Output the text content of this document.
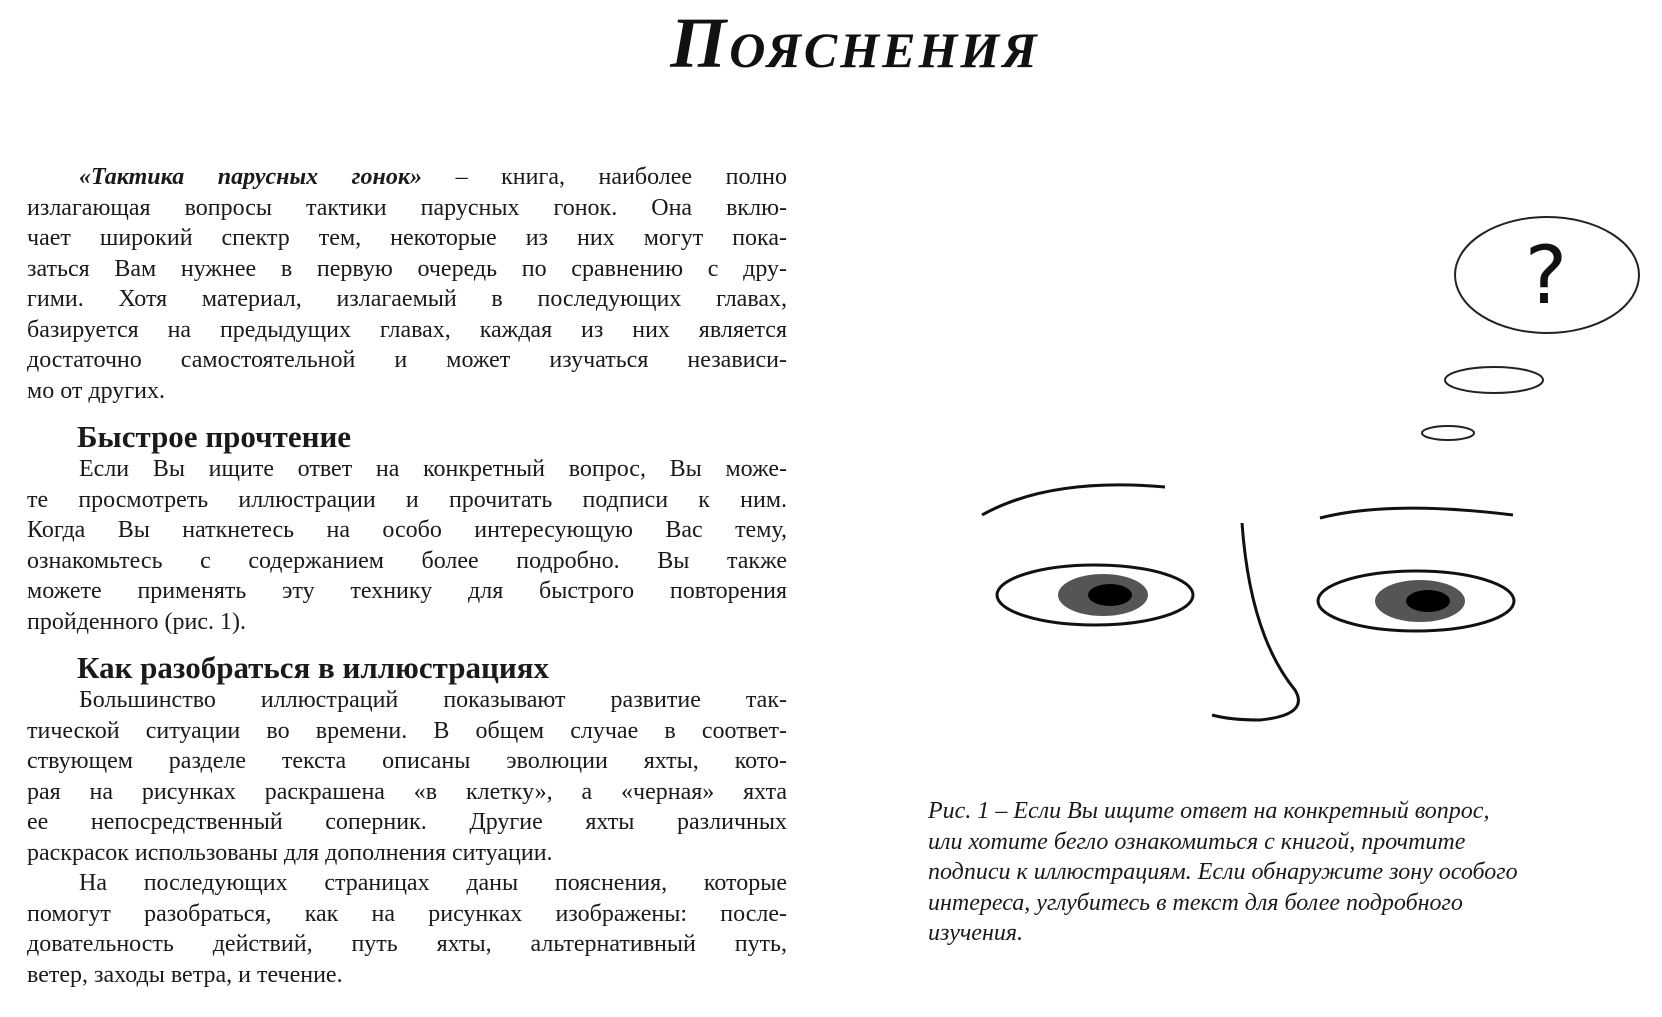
Пояснения
«Тактика парусных гонок» – книга, наиболее полно
излагающая вопросы тактики парусных гонок. Она вклю-
чает широкий спектр тем, некоторые из них могут пока-
заться Вам нужнее в первую очередь по сравнению с дру-
гими. Хотя материал, излагаемый в последующих главах,
базируется на предыдущих главах, каждая из них является
достаточно самостоятельной и может изучаться независи-
мо от других.
Быстрое прочтение
Если Вы ищите ответ на конкретный вопрос, Вы може-
те просмотреть иллюстрации и прочитать подписи к ним.
Когда Вы наткнетесь на особо интересующую Вас тему,
ознакомьтесь с содержанием более подробно. Вы также
можете применять эту технику для быстрого повторения
пройденного (рис. 1).
Как разобраться в иллюстрациях
Большинство иллюстраций показывают развитие так-
тической ситуации во времени. В общем случае в соответ-
ствующем разделе текста описаны эволюции яхты, кото-
рая на рисунках раскрашена «в клетку», а «черная» яхта
ее непосредственный соперник. Другие яхты различных
раскрасок использованы для дополнения ситуации.
На последующих страницах даны пояснения, которые
помогут разобраться, как на рисунках изображены: после-
довательность действий, путь яхты, альтернативный путь,
ветер, заходы ветра, и течение.
?
Рис. 1 – Если Вы ищите ответ на конкретный вопрос,
или хотите бегло ознакомиться с книгой, прочтите
подписи к иллюстрациям. Если обнаружите зону особого
интереса, углубитесь в текст для более подробного
изучения.
